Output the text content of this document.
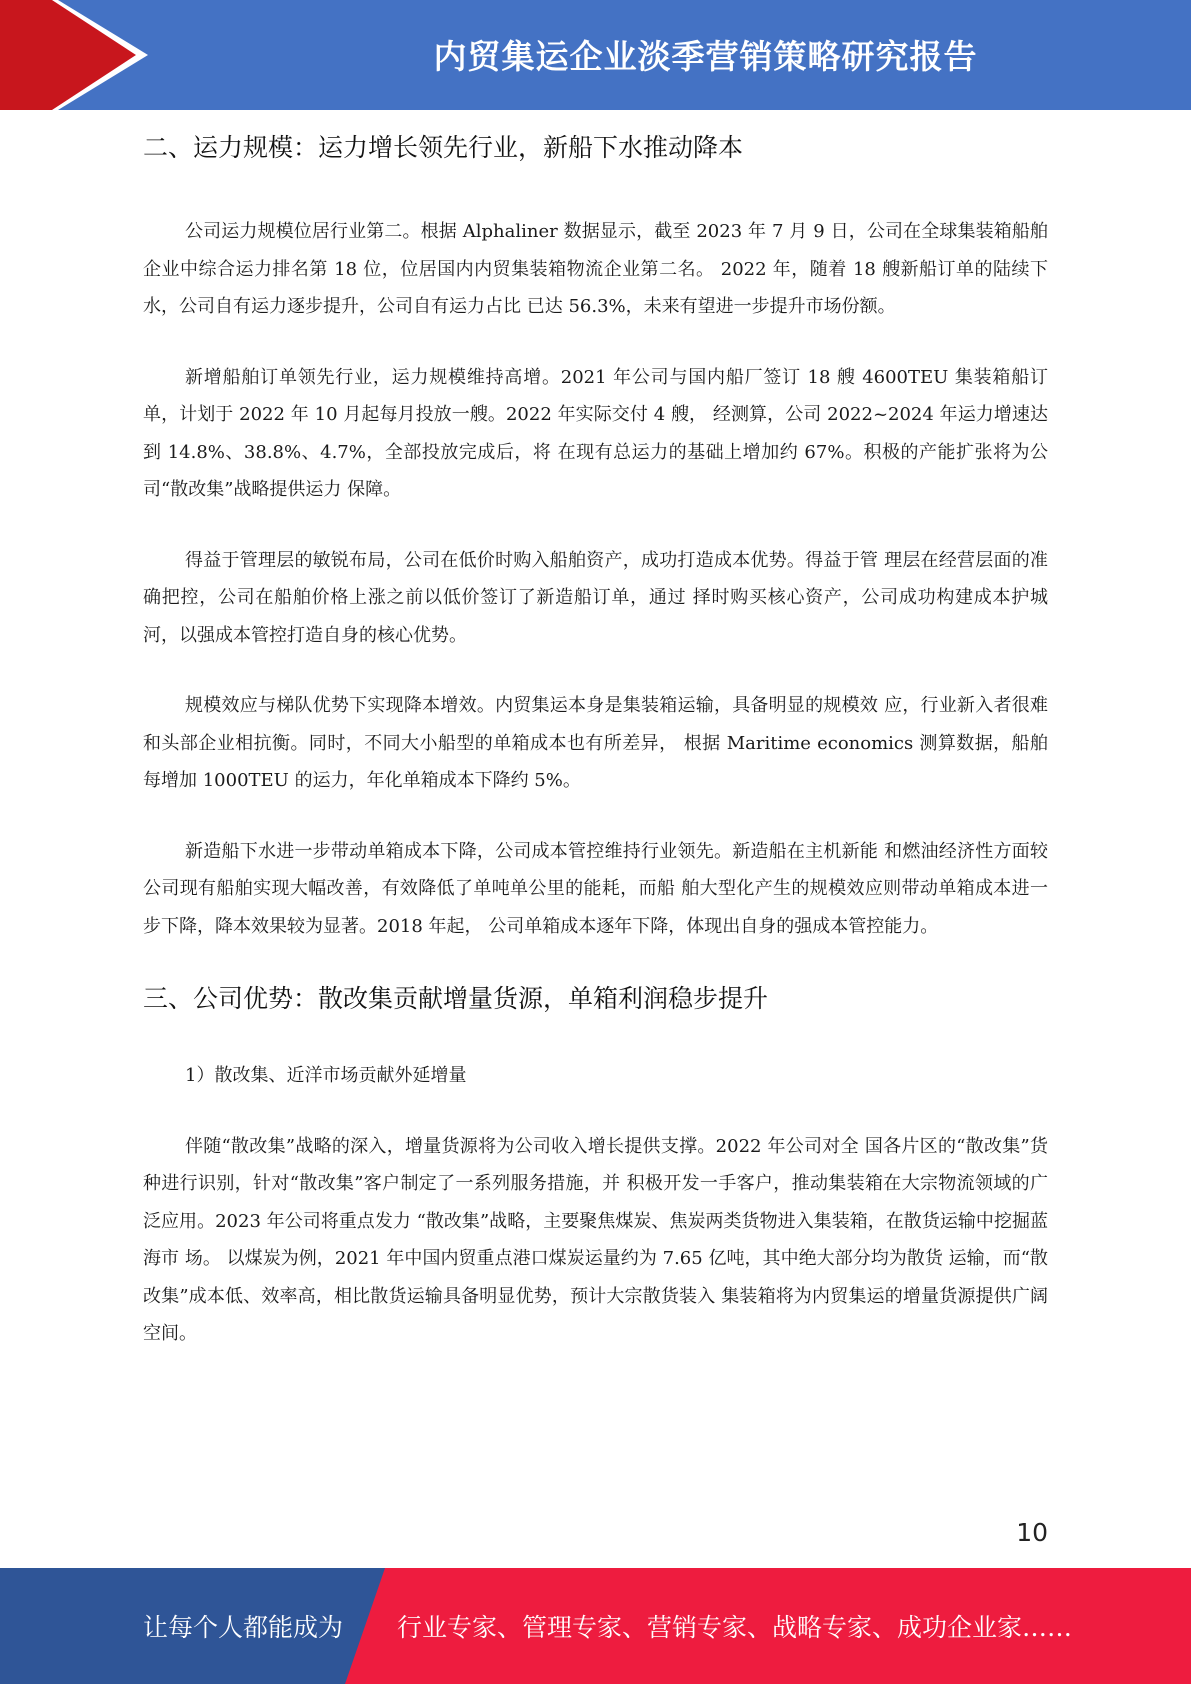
内贸集运企业淡季营销策略研究报告
二、运力规模：运力增长领先行业，新船下水推动降本

公司运力规模位居行业第二。根据 Alphaliner 数据显示，截至 2023 年 7 月 9 日，公司在全球集装箱船舶企业中综合运力排名第 18 位，位居国内内贸集装箱物流企业第二名。 2022 年，随着 18 艘新船订单的陆续下水，公司自有运力逐步提升，公司自有运力占比 已达 56.3%，未来有望进一步提升市场份额。

新增船舶订单领先行业，运力规模维持高增。2021 年公司与国内船厂签订 18 艘 4600TEU 集装箱船订单，计划于 2022 年 10 月起每月投放一艘。2022 年实际交付 4 艘， 经测算，公司 2022~2024 年运力增速达到 14.8%、38.8%、4.7%，全部投放完成后，将 在现有总运力的基础上增加约 67%。积极的产能扩张将为公司“散改集”战略提供运力 保障。

得益于管理层的敏锐布局，公司在低价时购入船舶资产，成功打造成本优势。得益于管 理层在经营层面的准确把控，公司在船舶价格上涨之前以低价签订了新造船订单，通过 择时购买核心资产，公司成功构建成本护城河，以强成本管控打造自身的核心优势。

规模效应与梯队优势下实现降本增效。内贸集运本身是集装箱运输，具备明显的规模效 应，行业新入者很难和头部企业相抗衡。同时，不同大小船型的单箱成本也有所差异， 根据 Maritime economics 测算数据，船舶每增加 1000TEU 的运力，年化单箱成本下降约 5%。

新造船下水进一步带动单箱成本下降，公司成本管控维持行业领先。新造船在主机新能 和燃油经济性方面较公司现有船舶实现大幅改善，有效降低了单吨单公里的能耗，而船 舶大型化产生的规模效应则带动单箱成本进一步下降，降本效果较为显著。2018 年起， 公司单箱成本逐年下降，体现出自身的强成本管控能力。

三、公司优势：散改集贡献增量货源，单箱利润稳步提升

1）散改集、近洋市场贡献外延增量

伴随“散改集”战略的深入，增量货源将为公司收入增长提供支撑。2022 年公司对全 国各片区的“散改集”货种进行识别，针对“散改集”客户制定了一系列服务措施，并 积极开发一手客户，推动集装箱在大宗物流领域的广泛应用。2023 年公司将重点发力 “散改集”战略，主要聚焦煤炭、焦炭两类货物进入集装箱，在散货运输中挖掘蓝海市 场。 以煤炭为例，2021 年中国内贸重点港口煤炭运量约为 7.65 亿吨，其中绝大部分均为散货 运输，而“散改集”成本低、效率高，相比散货运输具备明显优势，预计大宗散货装入 集装箱将为内贸集运的增量货源提供广阔空间。

10
让每个人都能成为 行业专家、管理专家、营销专家、战略专家、成功企业家……
